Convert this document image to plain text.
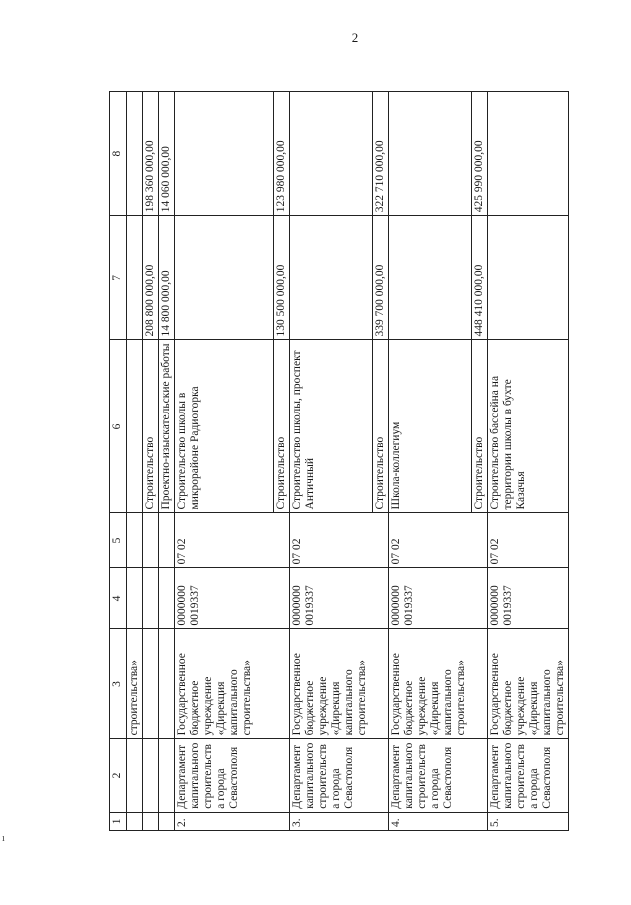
2
1	2	3	4	5	6	7	8
		строительства»					
					Строительство	208 800 000,00	198 360 000,00
					Проектно-изыскательские работы	14 800 000,00	14 060 000,00
2.	Департамент капитального строительства города Севастополя	Государственное бюджетное учреждение «Дирекция капитального строительства»	0000000 0019337	07 02	Строительство школы в микрорайоне Радиогорка		
					Строительство	130 500 000,00	123 980 000,00
3.	Департамент капитального строительства города Севастополя	Государственное бюджетное учреждение «Дирекция капитального строительства»	0000000 0019337	07 02	Строительство школы, проспект Античный		
					Строительство	339 700 000,00	322 710 000,00
4.	Департамент капитального строительства города Севастополя	Государственное бюджетное учреждение «Дирекция капитального строительства»	0000000 0019337	07 02	Школа-коллегиум		
					Строительство	448 410 000,00	425 990 000,00
5.	Департамент капитального строительства города Севастополя	Государственное бюджетное учреждение «Дирекция капитального строительства»	0000000 0019337	07 02	Строительство бассейна на территории школы в бухте Казачья		
ı
